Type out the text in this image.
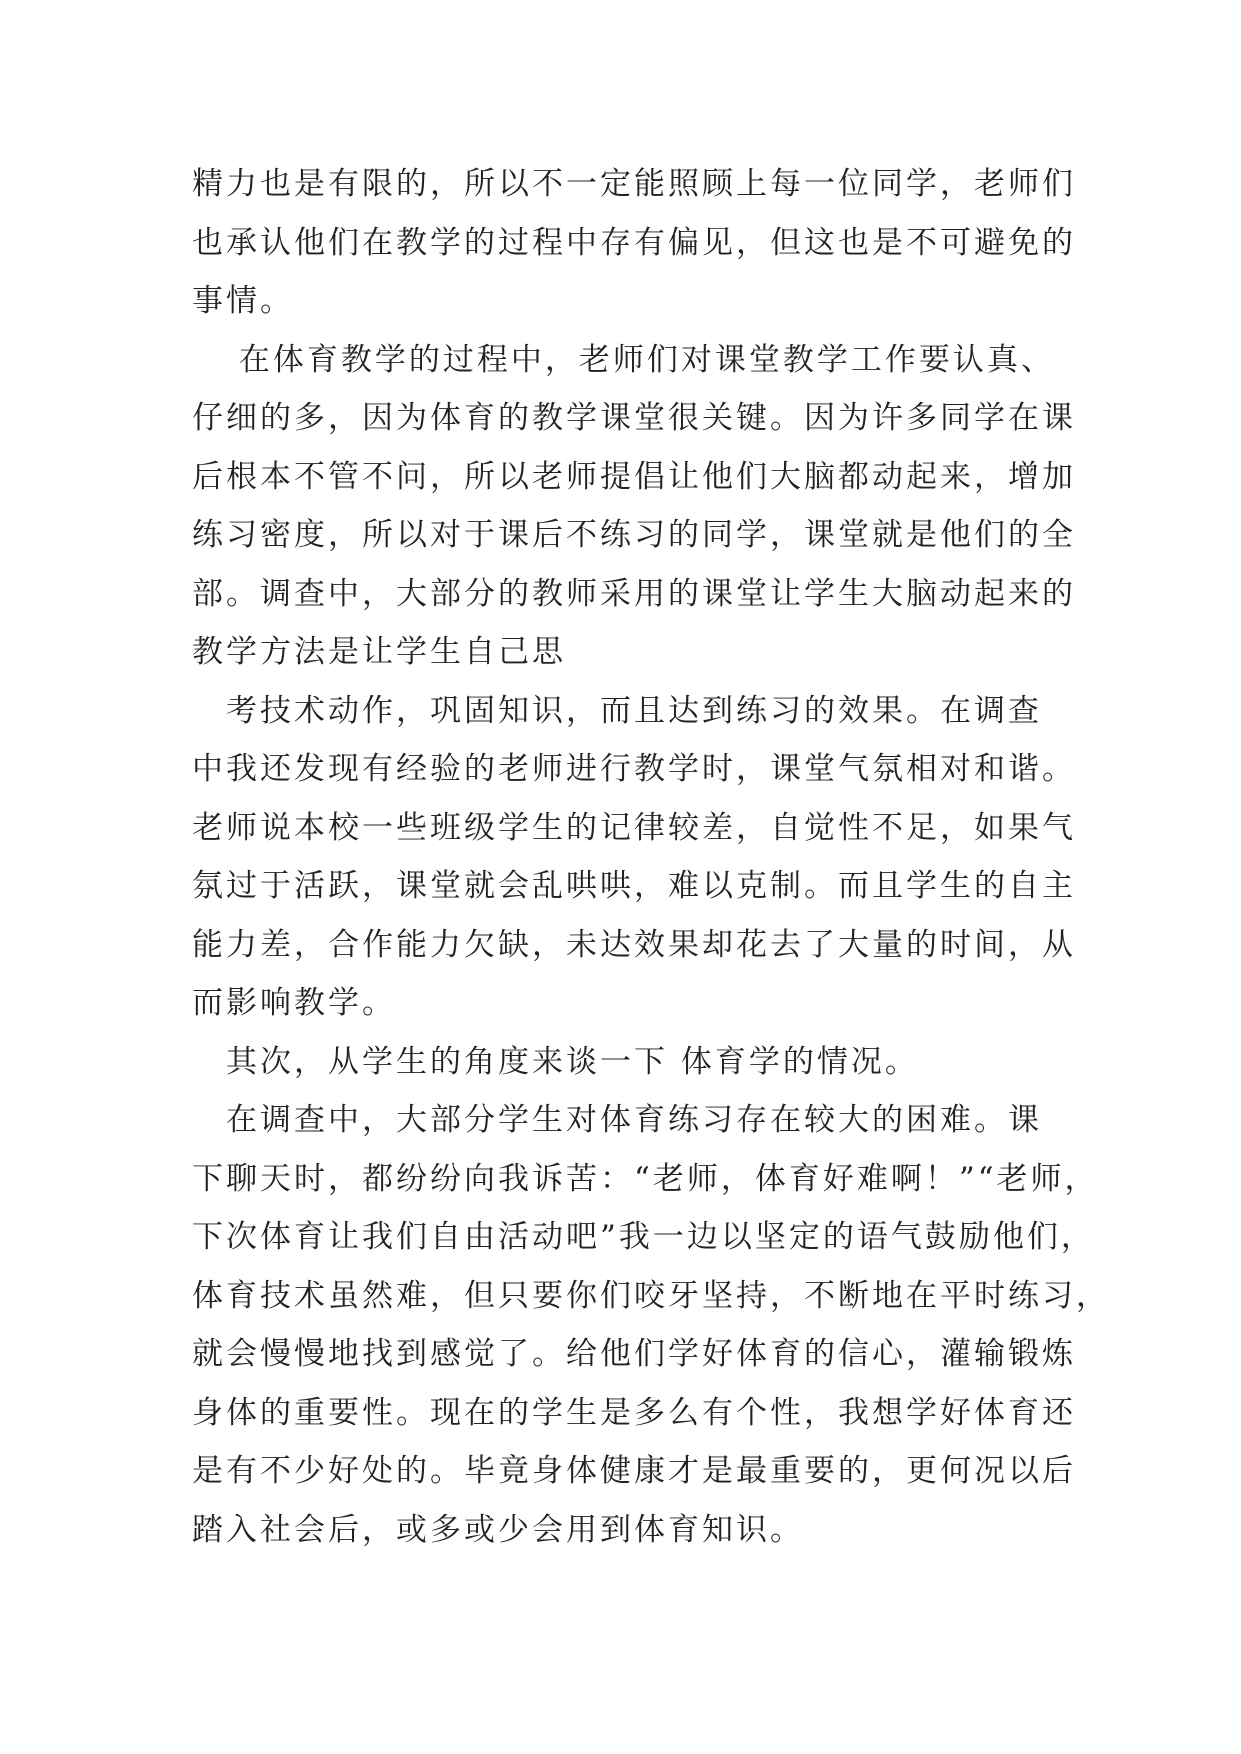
精力也是有限的，所以不一定能照顾上每一位同学，老师们
也承认他们在教学的过程中存有偏见，但这也是不可避免的
事情。
　 在体育教学的过程中，老师们对课堂教学工作要认真、
仔细的多，因为体育的教学课堂很关键。因为许多同学在课
后根本不管不问，所以老师提倡让他们大脑都动起来，增加
练习密度，所以对于课后不练习的同学，课堂就是他们的全
部。调查中，大部分的教师采用的课堂让学生大脑动起来的
教学方法是让学生自己思
　考技术动作，巩固知识，而且达到练习的效果。在调查
中我还发现有经验的老师进行教学时，课堂气氛相对和谐。
老师说本校一些班级学生的记律较差，自觉性不足，如果气
氛过于活跃，课堂就会乱哄哄，难以克制。而且学生的自主
能力差，合作能力欠缺，未达效果却花去了大量的时间，从
而影响教学。
　其次，从学生的角度来谈一下 体育学的情况。
　在调查中，大部分学生对体育练习存在较大的困难。课
下聊天时，都纷纷向我诉苦：“老师，体育好难啊！”“老师，
下次体育让我们自由活动吧”我一边以坚定的语气鼓励他们，
体育技术虽然难，但只要你们咬牙坚持，不断地在平时练习，
就会慢慢地找到感觉了。给他们学好体育的信心，灌输锻炼
身体的重要性。现在的学生是多么有个性，我想学好体育还
是有不少好处的。毕竟身体健康才是最重要的，更何况以后
踏入社会后，或多或少会用到体育知识。
